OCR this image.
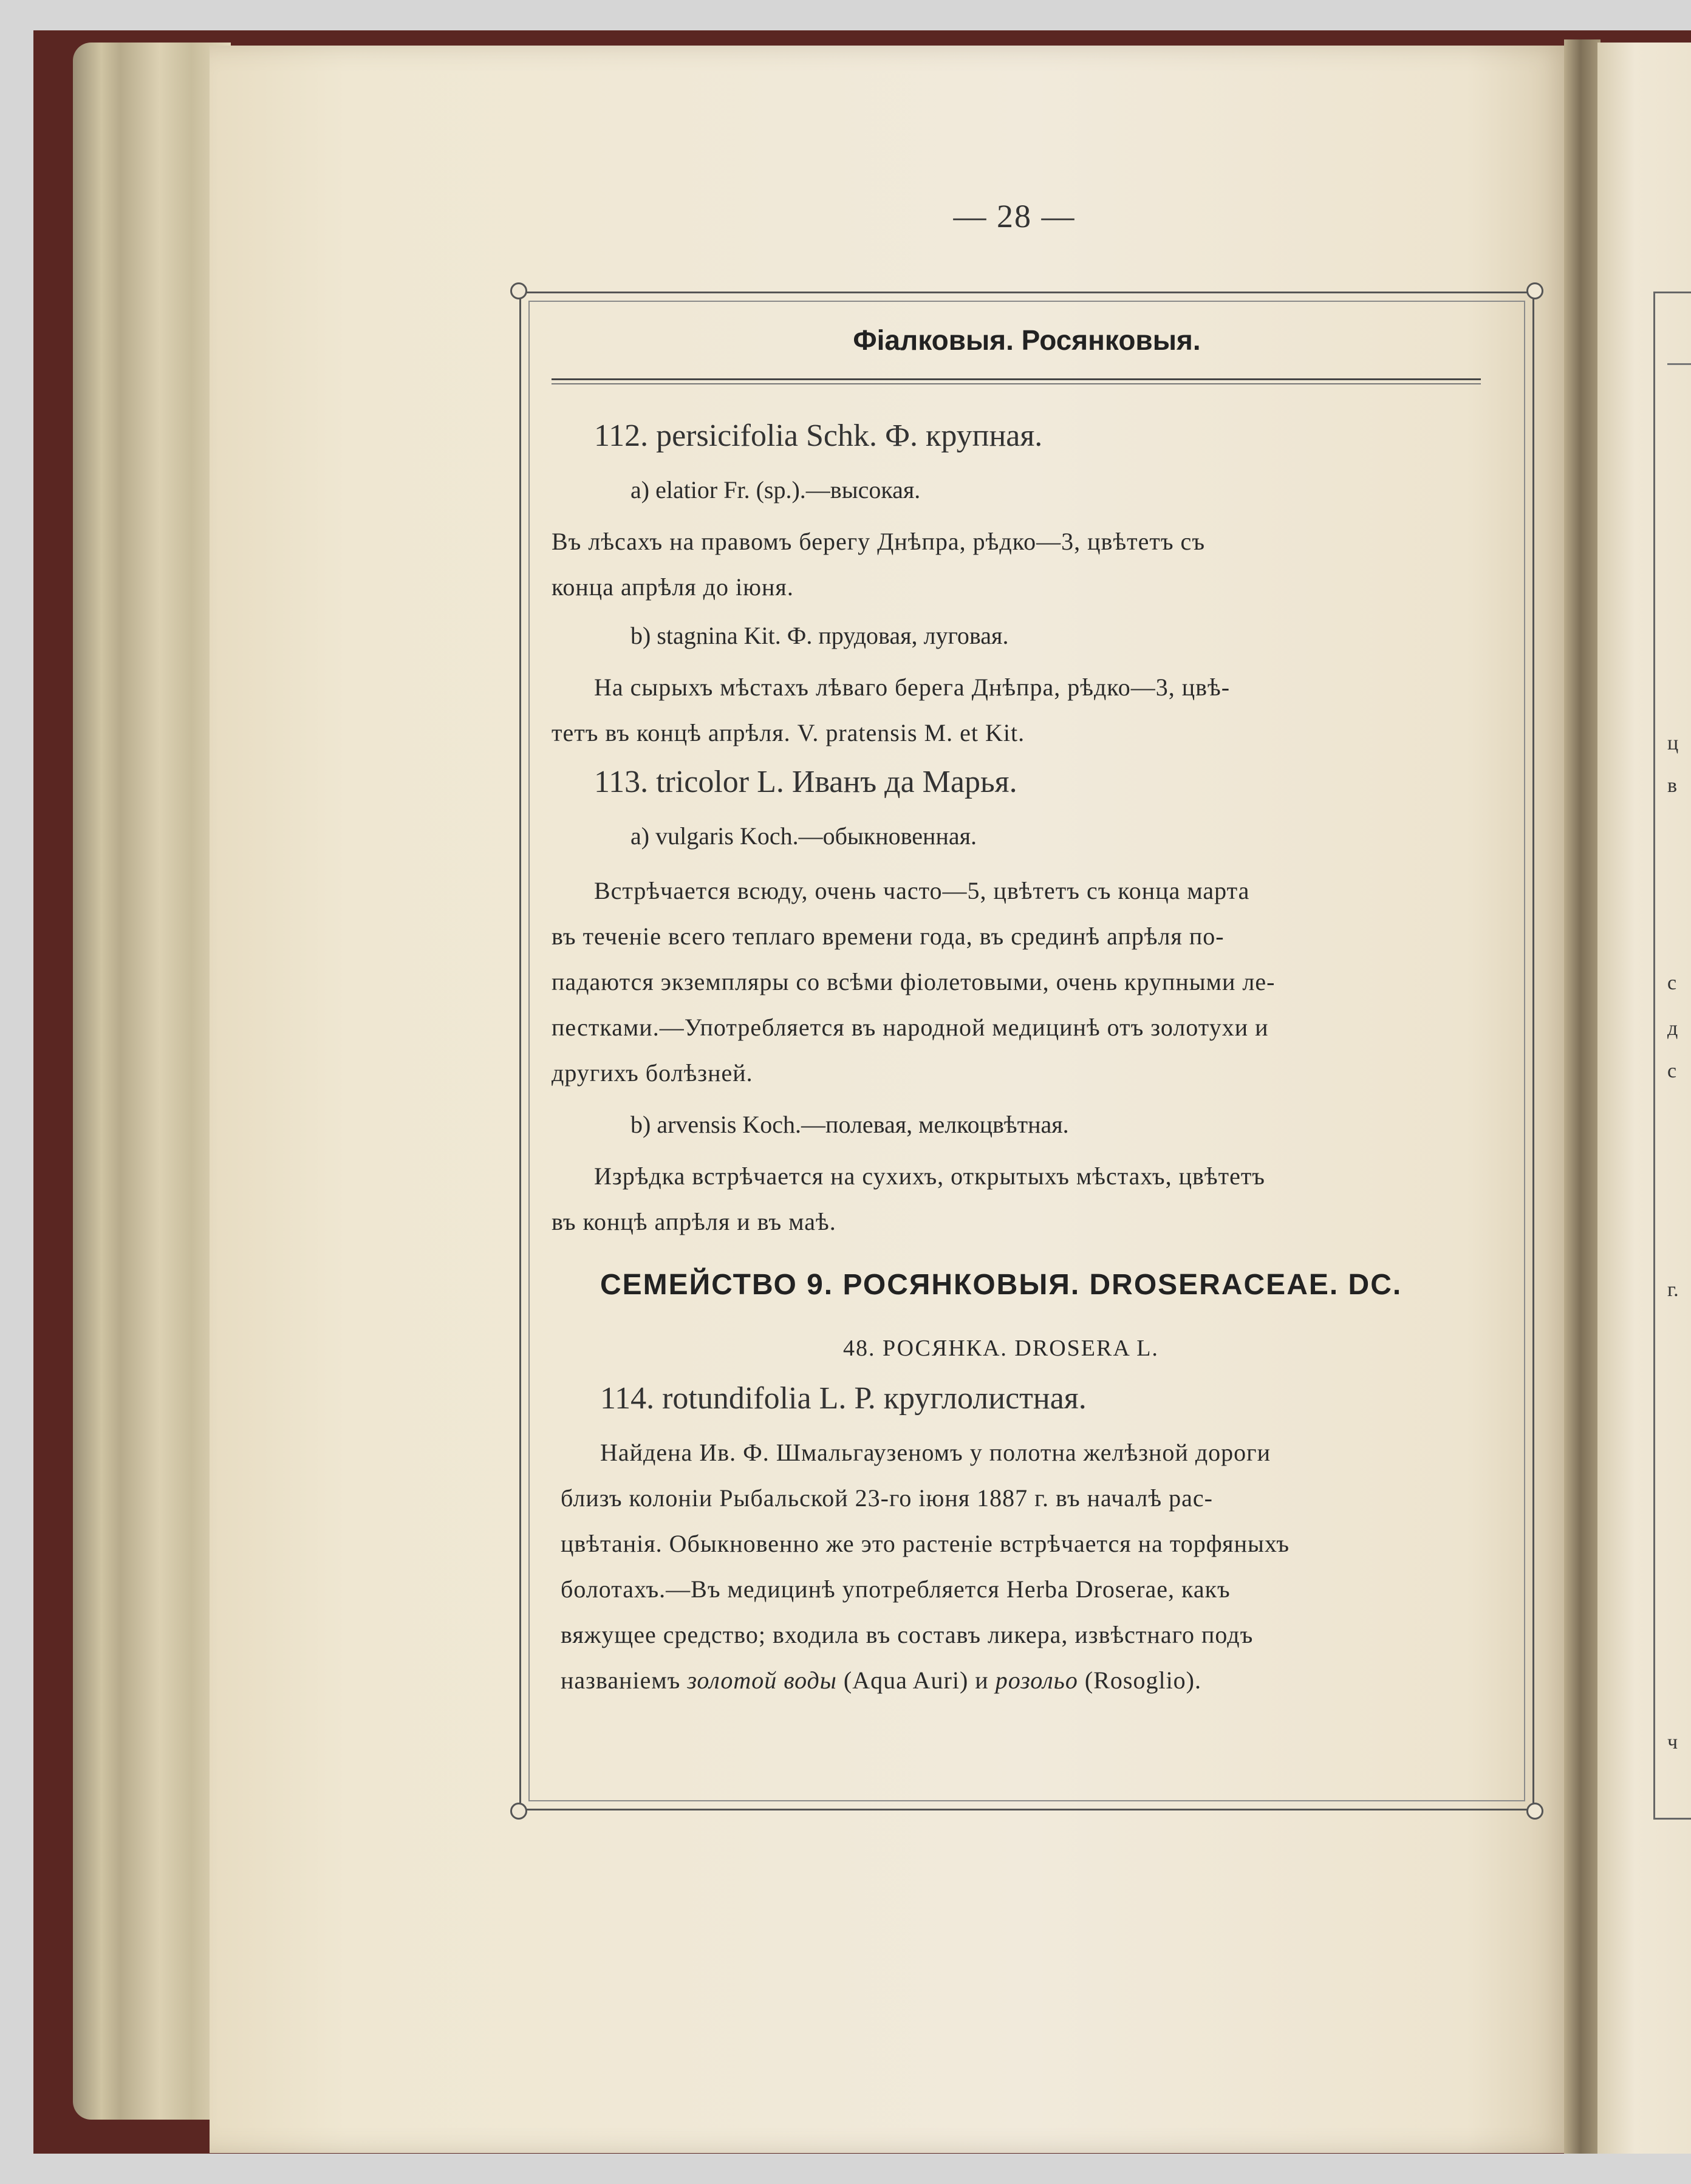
ц
в
с
д
с
г.
ч
— 28 —
Фіалковыя. Росянковыя.
112. persicifolia Schk. Ф. крупная.
a) elatior Fr. (sp.).—высокая.
Въ лѣсахъ на правомъ берегу Днѣпра, рѣдко—3, цвѣтетъ съ
конца апрѣля до іюня.
b) stagnina Kit. Ф. прудовая, луговая.
На сырыхъ мѣстахъ лѣваго берега Днѣпра, рѣдко—3, цвѣ-
тетъ въ концѣ апрѣля. V. pratensis M. et Kit.
113. tricolor L. Иванъ да Марья.
a) vulgaris Koch.—обыкновенная.
Встрѣчается всюду, очень часто—5, цвѣтетъ съ конца марта
въ теченіе всего теплаго времени года, въ срединѣ апрѣля по-
падаются экземпляры со всѣми фіолетовыми, очень крупными ле-
пестками.—Употребляется въ народной медицинѣ отъ золотухи и
другихъ болѣзней.
b) arvensis Koch.—полевая, мелкоцвѣтная.
Изрѣдка встрѣчается на сухихъ, открытыхъ мѣстахъ, цвѣтетъ
въ концѣ апрѣля и въ маѣ.
СЕМЕЙСТВО 9. РОСЯНКОВЫЯ. DROSERACEAE. DC.
48. РОСЯНКА. DROSERA L.
114. rotundifolia L. Р. круглолистная.
Найдена Ив. Ф. Шмальгаузеномъ у полотна желѣзной дороги
близъ колоніи Рыбальской 23-го іюня 1887 г. въ началѣ рас-
цвѣтанія. Обыкновенно же это растеніе встрѣчается на торфяныхъ
болотахъ.—Въ медицинѣ употребляется Herba Droserae, какъ
вяжущее средство; входила въ составъ ликера, извѣстнаго подъ
названіемъ золотой воды (Aqua Auri) и розольо (Rosoglio).
